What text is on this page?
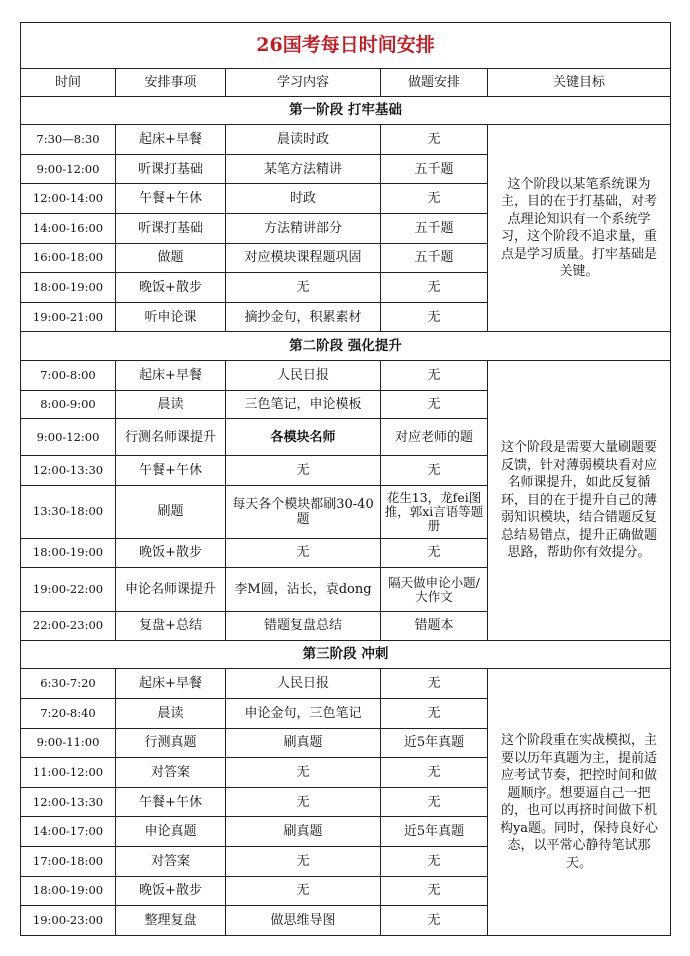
26国考每日时间安排				
时间	安排事项	学习内容	做题安排	关键目标
第一阶段 打牢基础				
7:30—8:30	起床+早餐	晨读时政	无	这个阶段以某笔系统课为主，目的在于打基础，对考点理论知识有一个系统学习，这个阶段不追求量，重点是学习质量。打牢基础是关键。
9:00-12:00	听课打基础	某笔方法精讲	五千题	
12:00-14:00	午餐+午休	时政	无	
14:00-16:00	听课打基础	方法精讲部分	五千题	
16:00-18:00	做题	对应模块课程题巩固	五千题	
18:00-19:00	晚饭+散步	无	无	
19:00-21:00	听申论课	摘抄金句，积累素材	无	
第二阶段 强化提升				
7:00-8:00	起床+早餐	人民日报	无	这个阶段是需要大量刷题要反馈，针对薄弱模块看对应名师课提升，如此反复循环，目的在于提升自己的薄弱知识模块，结合错题反复总结易错点，提升正确做题思路，帮助你有效提分。
8:00-9:00	晨读	三色笔记，申论模板	无	
9:00-12:00	行测名师课提升	各模块名师	对应老师的题	
12:00-13:30	午餐+午休	无	无	
13:30-18:00	刷题	每天各个模块都刷30-40题	花生13，龙fei图推，郭xi言语等题册	
18:00-19:00	晚饭+散步	无	无	
19:00-22:00	申论名师课提升	李M圆，沾长，袁dong	隔天做申论小题/大作文	
22:00-23:00	复盘+总结	错题复盘总结	错题本	
第三阶段 冲刺				
6:30-7:20	起床+早餐	人民日报	无	这个阶段重在实战模拟，主要以历年真题为主，提前适应考试节奏，把控时间和做题顺序。想要逼自己一把的，也可以再挤时间做下机构ya题。同时，保持良好心态，以平常心静待笔试那天。
7:20-8:40	晨读	申论金句，三色笔记	无	
9:00-11:00	行测真题	刷真题	近5年真题	
11:00-12:00	对答案	无	无	
12:00-13:30	午餐+午休	无	无	
14:00-17:00	申论真题	刷真题	近5年真题	
17:00-18:00	对答案	无	无	
18:00-19:00	晚饭+散步	无	无	
19:00-23:00	整理复盘	做思维导图	无	
